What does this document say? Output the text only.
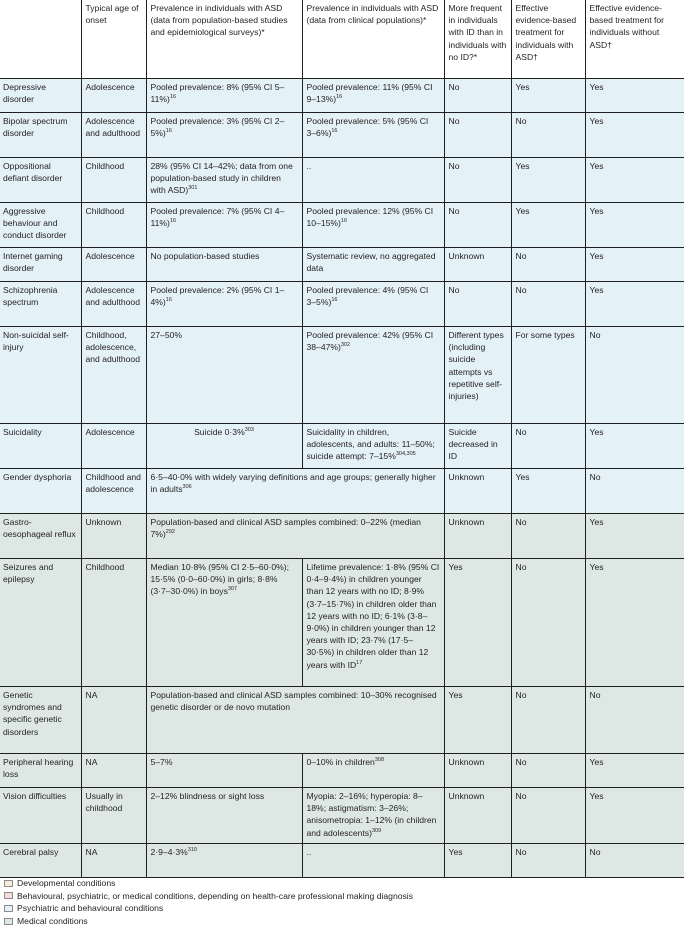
	Typical age of onset	Prevalence in individuals with ASD (data from population-based studies and epidemiological surveys)*	Prevalence in individuals with ASD (data from clinical populations)*	More frequent in individuals with ID than in individuals with no ID?*	Effective evidence-based treatment for individuals with ASD†	Effective evidence-based treatment for individuals without ASD†
Depressive disorder	Adolescence	Pooled prevalence: 8% (95% CI 5–11%)$^{16}$	Pooled prevalence: 11% (95% CI 9–13%)$^{16}$	No	Yes	Yes
Bipolar spectrum disorder	Adolescence and adulthood	Pooled prevalence: 3% (95% CI 2–5%)$^{16}$	Pooled prevalence: 5% (95% CI 3–6%)$^{16}$	No	No	Yes
Oppositional defiant disorder	Childhood	28% (95% CI 14–42%; data from one population-based study in children with ASD)$^{301}$	..	No	Yes	Yes
Aggressive behaviour and conduct disorder	Childhood	Pooled prevalence: 7% (95% CI 4–11%)$^{16}$	Pooled prevalence: 12% (95% CI 10–15%)$^{16}$	No	Yes	Yes
Internet gaming disorder	Adolescence	No population-based studies	Systematic review, no aggregated data	Unknown	No	Yes
Schizophrenia spectrum	Adolescence and adulthood	Pooled prevalence: 2% (95% CI 1–4%)$^{16}$	Pooled prevalence: 4% (95% CI 3–5%)$^{16}$	No	No	Yes
Non-suicidal self-injury	Childhood, adolescence, and adulthood	27–50%	Pooled prevalence: 42% (95% CI 38–47%)$^{302}$	Different types (including suicide attempts vs repetitive self-injuries)	For some types	No
Suicidality	Adolescence	Suicide 0·3%$^{303}$	Suicidality in children, adolescents, and adults: 11–50%; suicide attempt: 7–15%$^{304,305}$	Suicide decreased in ID	No	Yes
Gender dysphoria	Childhood and adolescence	6·5–40·0% with widely varying definitions and age groups; generally higher in adults$^{306}$		Unknown	Yes	No
Gastro-oesophageal reflux	Unknown	Population-based and clinical ASD samples combined: 0–22% (median 7%)$^{292}$		Unknown	No	Yes
Seizures and epilepsy	Childhood	Median 10·8% (95% CI 2·5–60·0%); 15·5% (0·0–60·0%) in girls; 8·8% (3·7–30·0%) in boys$^{307}$	Lifetime prevalence: 1·8% (95% CI 0·4–9·4%) in children younger than 12 years with no ID; 8·9% (3·7–15·7%) in children older than 12 years with no ID; 6·1% (3·8–9·0%) in children younger than 12 years with ID; 23·7% (17·5–30·5%) in children older than 12 years with ID$^{17}$	Yes	No	Yes
Genetic syndromes and specific genetic disorders	NA	Population-based and clinical ASD samples combined: 10–30% recognised genetic disorder or de novo mutation		Yes	No	No
Peripheral hearing loss	NA	5–7%	0–10% in children$^{308}$	Unknown	No	Yes
Vision difficulties	Usually in childhood	2–12% blindness or sight loss	Myopia: 2–16%; hyperopia: 8–18%; astigmatism: 3–26%; anisometropia: 1–12% (in children and adolescents)$^{309}$	Unknown	No	Yes
Cerebral palsy	NA	2·9–4·3%$^{310}$	..	Yes	No	No
Developmental conditions
Behavioural, psychiatric, or medical conditions, depending on health-care professional making diagnosis
Psychiatric and behavioural conditions
Medical conditions
